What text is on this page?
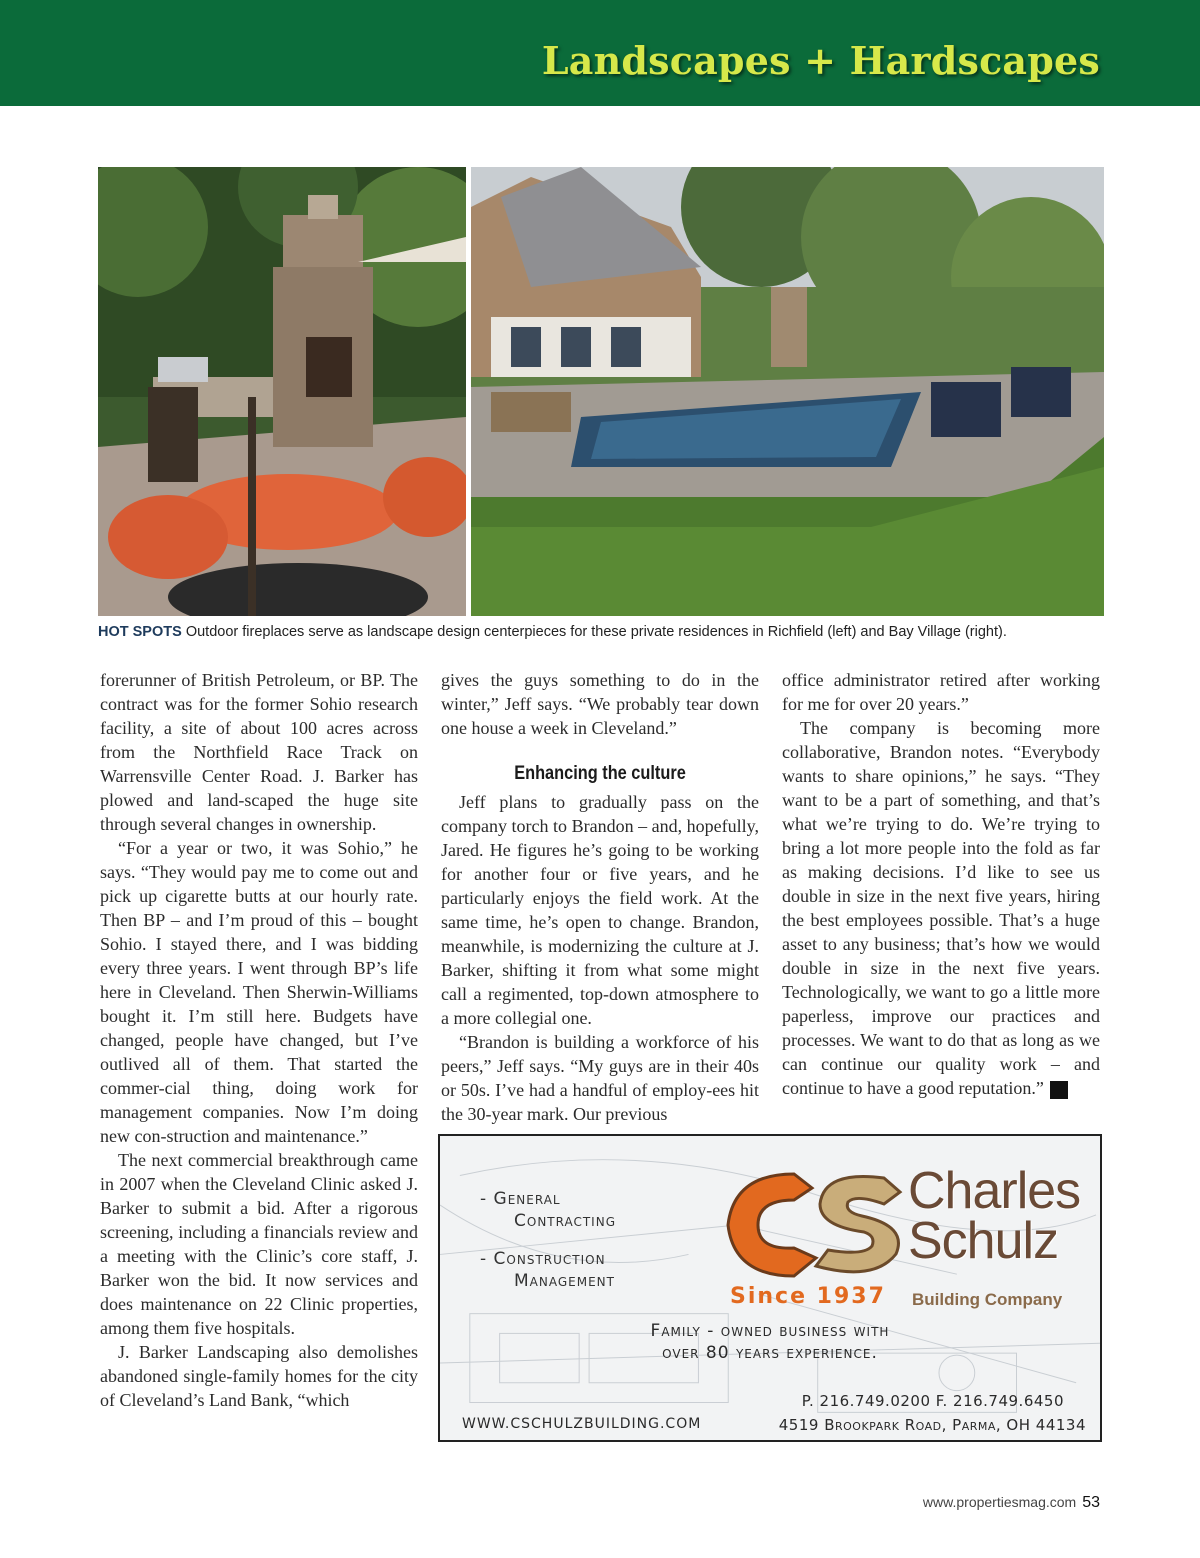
Landscapes + Hardscapes
HOT SPOTS Outdoor fireplaces serve as landscape design centerpieces for these private residences in Richfield (left) and Bay Village (right).

forerunner of British Petroleum, or BP. The contract was for the former Sohio research facility, a site of about 100 acres across from the Northfield Race Track on Warrensville Center Road. J. Barker has plowed and land-scaped the huge site through several changes in ownership.

“For a year or two, it was Sohio,” he says. “They would pay me to come out and pick up cigarette butts at our hourly rate. Then BP – and I’m proud of this – bought Sohio. I stayed there, and I was bidding every three years. I went through BP’s life here in Cleveland. Then Sherwin-Williams bought it. I’m still here. Budgets have changed, people have changed, but I’ve outlived all of them. That started the commer-cial thing, doing work for management companies. Now I’m doing new con-struction and maintenance.”

The next commercial breakthrough came in 2007 when the Cleveland Clinic asked J. Barker to submit a bid. After a rigorous screening, including a financials review and a meeting with the Clinic’s core staff, J. Barker won the bid. It now services and does maintenance on 22 Clinic properties, among them five hospitals.

J. Barker Landscaping also demolishes abandoned single-family homes for the city of Cleveland’s Land Bank, “which

gives the guys something to do in the winter,” Jeff says. “We probably tear down one house a week in Cleveland.”

Enhancing the culture

Jeff plans to gradually pass on the company torch to Brandon – and, hopefully, Jared. He figures he’s going to be working for another four or five years, and he particularly enjoys the field work. At the same time, he’s open to change. Brandon, meanwhile, is modernizing the culture at J. Barker, shifting it from what some might call a regimented, top-down atmosphere to a more collegial one.

“Brandon is building a workforce of his peers,” Jeff says. “My guys are in their 40s or 50s. I’ve had a handful of employ-ees hit the 30-year mark. Our previous

office administrator retired after working for me for over 20 years.”

The company is becoming more collaborative, Brandon notes. “Everybody wants to share opinions,” he says. “They want to be a part of something, and that’s what we’re trying to do. We’re trying to bring a lot more people into the fold as far as making decisions. I’d like to see us double in size in the next five years, hiring the best employees possible. That’s a huge asset to any business; that’s how we would double in size in the next five years. Technologically, we want to go a little more paperless, improve our practices and processes. We want to do that as long as we can continue our quality work – and continue to have a good reputation.” P

- General
Contracting
- Construction
Management
Charles
Schulz
Since 1937 Building Company
Family - owned business with
over 80 years experience.
P. 216.749.0200 F. 216.749.6450
WWW.CSCHULZBUILDING.COM	4519 Brookpark Road, Parma, OH 44134
www.propertiesmag.com 53
